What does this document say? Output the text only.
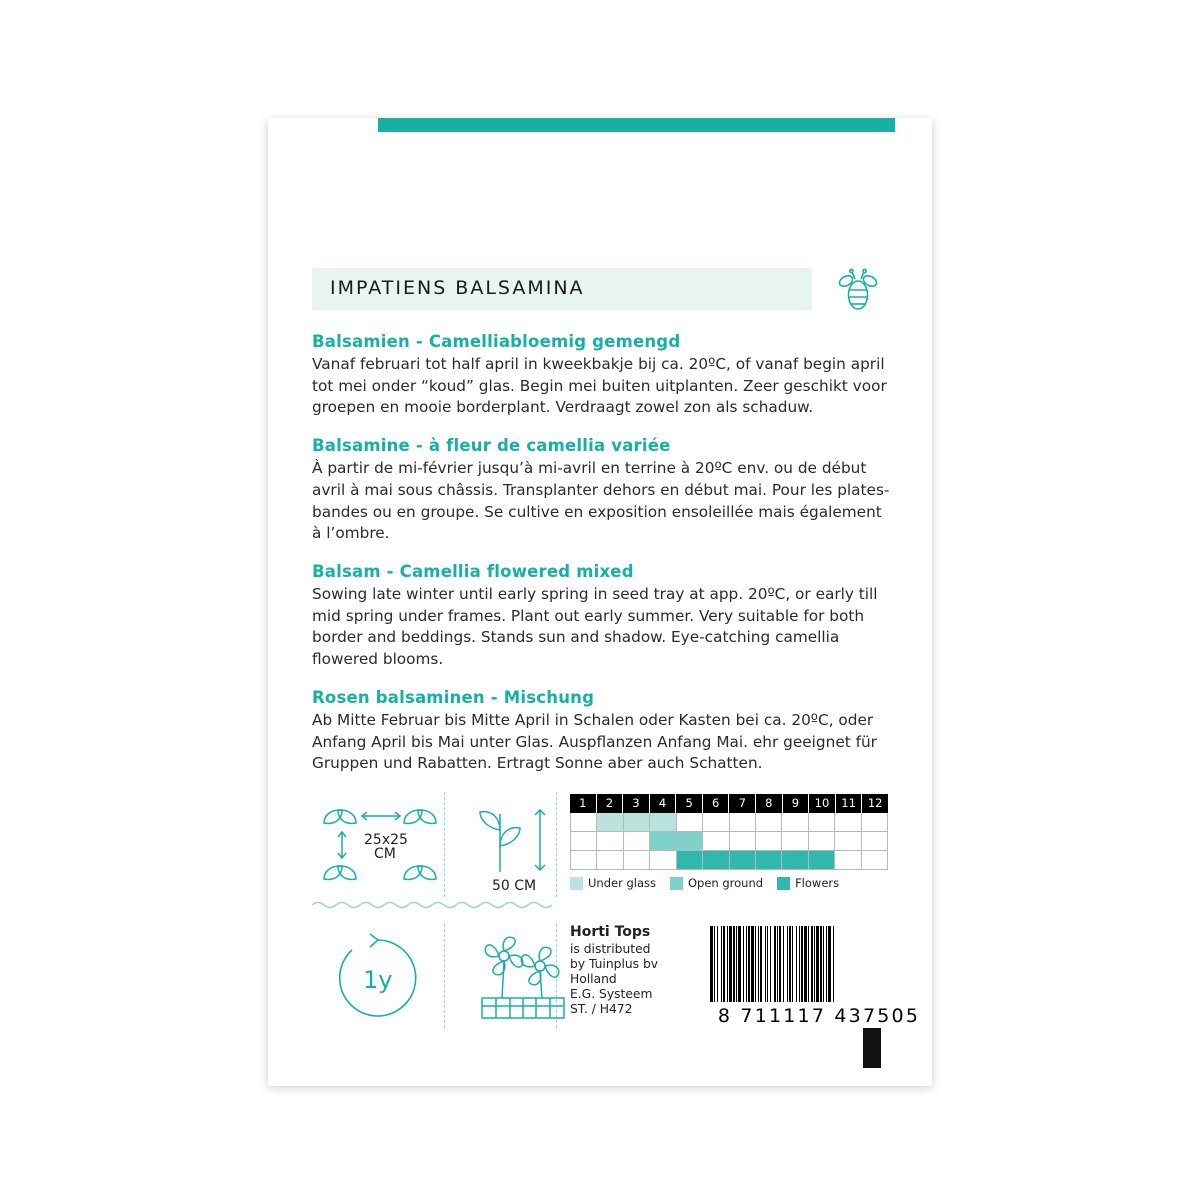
IMPATIENS BALSAMINA
Balsamien - Camelliabloemig gemengd

Vanaf februari tot half april in kweekbakje bij ca. 20ºC, of vanaf begin april tot mei onder “koud” glas. Begin mei buiten uitplanten. Zeer geschikt voor groepen en mooie borderplant. Verdraagt zowel zon als schaduw.

Balsamine - à fleur de camellia variée

À partir de mi-février jusqu’à mi-avril en terrine à 20ºC env. ou de début avril à mai sous châssis. Transplanter dehors en début mai. Pour les plates-bandes ou en groupe. Se cultive en exposition ensoleillée mais également à l’ombre.

Balsam - Camellia flowered mixed

Sowing late winter until early spring in seed tray at app. 20ºC, or early till mid spring under frames. Plant out early summer. Very suitable for both border and beddings. Stands sun and shadow. Eye-catching camellia flowered blooms.

Rosen balsaminen - Mischung

Ab Mitte Februar bis Mitte April in Schalen oder Kasten bei ca. 20ºC, oder Anfang April bis Mai unter Glas. Auspflanzen Anfang Mai. ehr geeignet für Gruppen und Rabatten. Ertragt Sonne aber auch Schatten.

25x25
CM
50 CM
1	2	3	4	5	6	7	8	9	10	11	12
Under glass	Open ground	Flowers
1y
Horti Tops
is distributed
by Tuinplus bv
Holland
E.G. Systeem
ST. / H472	8 711117 437505
